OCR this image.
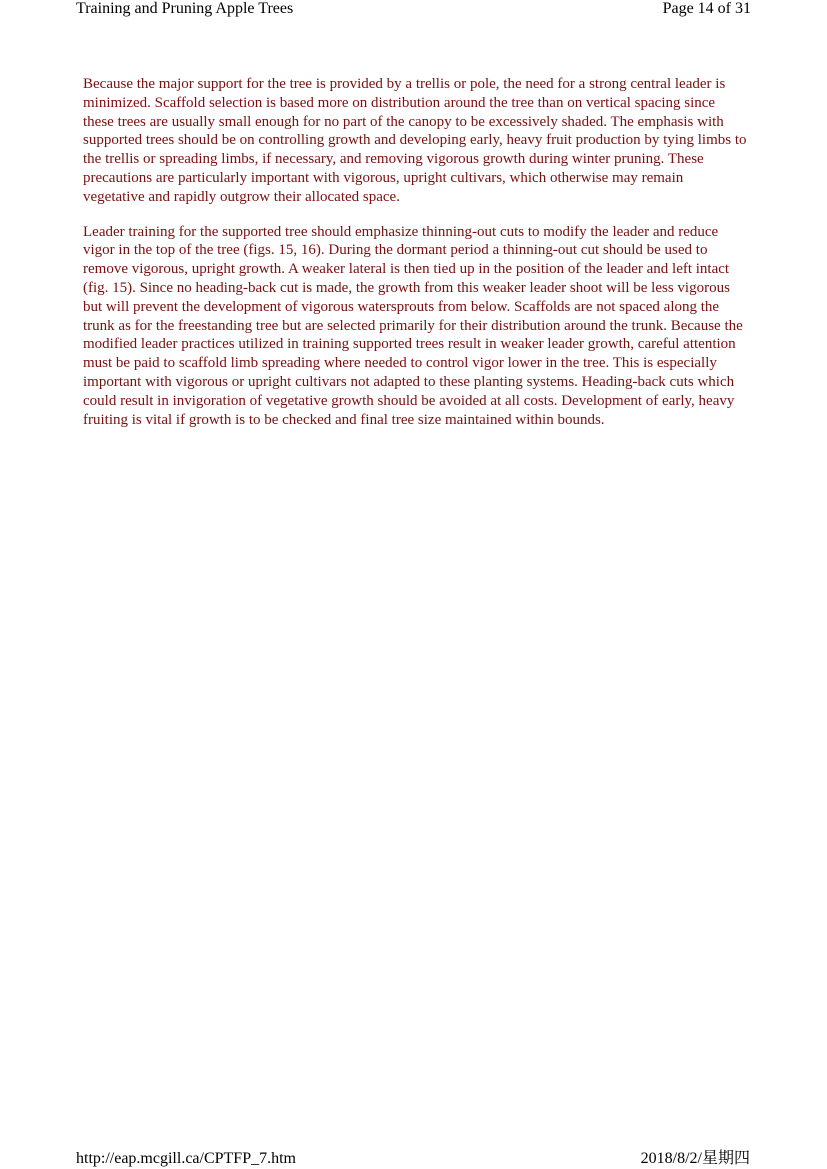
Training and Pruning Apple Trees	Page 14 of 31

Because the major support for the tree is provided by a trellis or pole, the need for a strong central leader is minimized. Scaffold selection is based more on distribution around the tree than on vertical spacing since these trees are usually small enough for no part of the canopy to be excessively shaded. The emphasis with supported trees should be on controlling growth and developing early, heavy fruit production by tying limbs to the trellis or spreading limbs, if necessary, and removing vigorous growth during winter pruning. These precautions are particularly important with vigorous, upright cultivars, which otherwise may remain vegetative and rapidly outgrow their allocated space.

Leader training for the supported tree should emphasize thinning-out cuts to modify the leader and reduce vigor in the top of the tree (figs. 15, 16). During the dormant period a thinning-out cut should be used to remove vigorous, upright growth. A weaker lateral is then tied up in the position of the leader and left intact (fig. 15). Since no heading-back cut is made, the growth from this weaker leader shoot will be less vigorous but will prevent the development of vigorous watersprouts from below. Scaffolds are not spaced along the trunk as for the freestanding tree but are selected primarily for their distribution around the trunk. Because the modified leader practices utilized in training supported trees result in weaker leader growth, careful attention must be paid to scaffold limb spreading where needed to control vigor lower in the tree. This is especially important with vigorous or upright cultivars not adapted to these planting systems. Heading-back cuts which could result in invigoration of vegetative growth should be avoided at all costs. Development of early, heavy fruiting is vital if growth is to be checked and final tree size maintained within bounds.

http://eap.mcgill.ca/CPTFP_7.htm	2018/8/2/星期四
